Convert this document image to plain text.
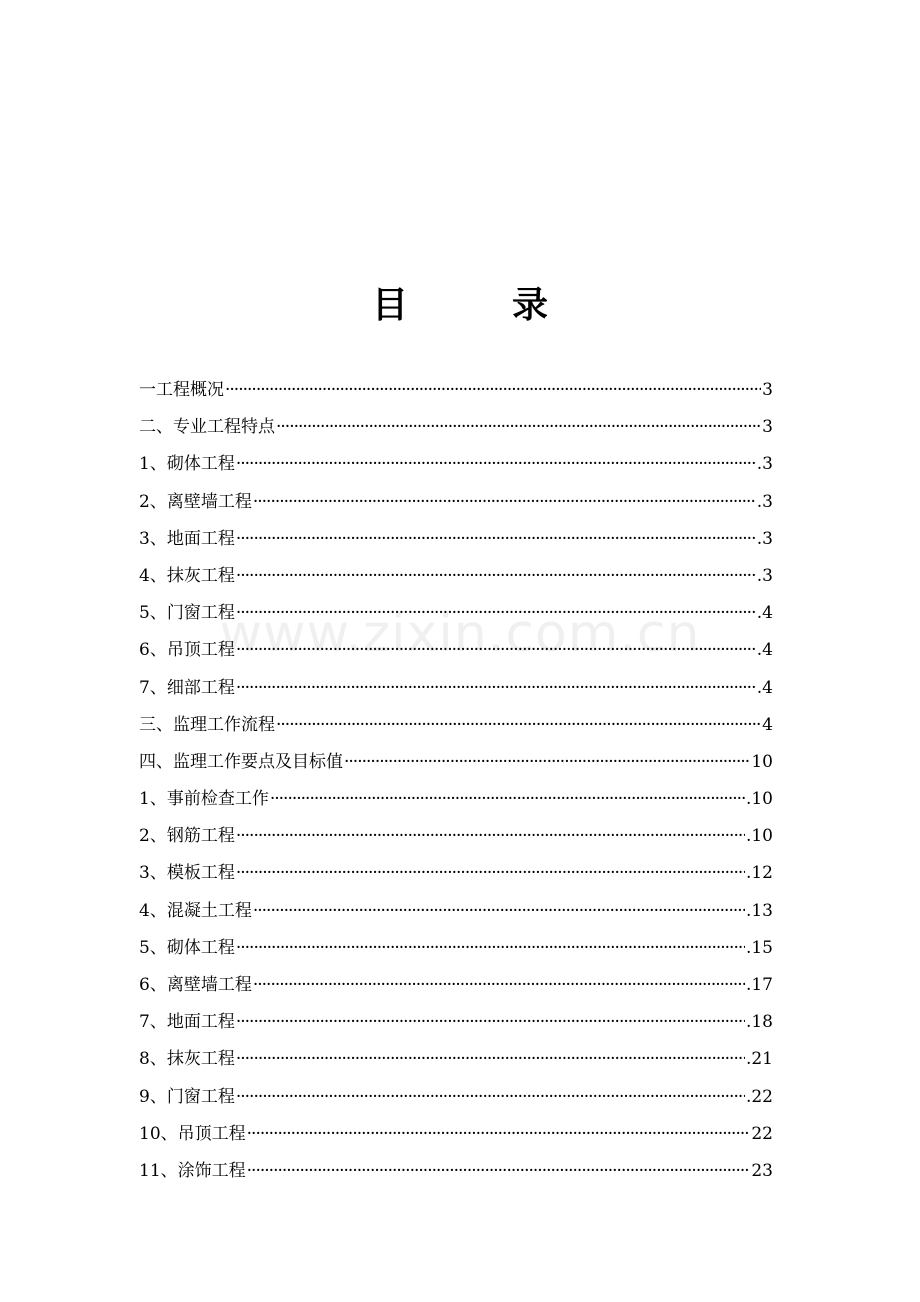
目　录
www.zixin.com.cn
一工程概况 ·····	3
二、专业工程特点 ·····	3
1、砌体工程 ·····	.3
2、离壁墙工程 ·····	.3
3、地面工程 ·····	.3
4、抹灰工程 ·····	.3
5、门窗工程 ·····	.4
6、吊顶工程 ·····	.4
7、细部工程 ·····	.4
三、监理工作流程 ·····	4
四、监理工作要点及目标值 ·····	10
1、事前检查工作 ·····	.10
2、钢筋工程 ·····	.10
3、模板工程 ·····	.12
4、混凝土工程 ·····	.13
5、砌体工程 ·····	.15
6、离壁墙工程 ·····	.17
7、地面工程 ·····	.18
8、抹灰工程 ·····	.21
9、门窗工程 ·····	.22
10、吊顶工程 ·····	22
11、涂饰工程 ·····	23
